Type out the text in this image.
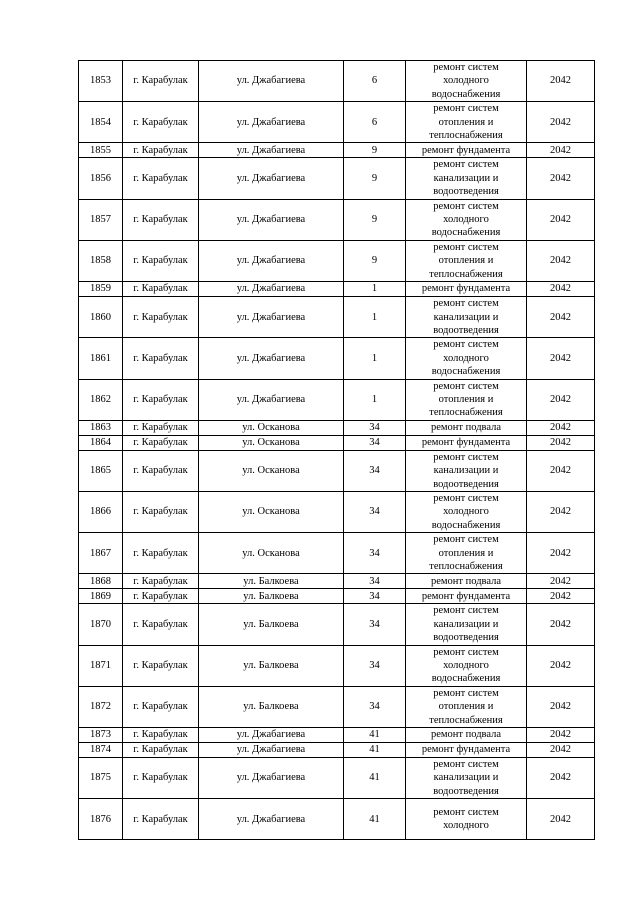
1853	г. Карабулак	ул. Джабагиева	6	ремонт систем
холодного
водоснабжения	2042
1854	г. Карабулак	ул. Джабагиева	6	ремонт систем
отопления и
теплоснабжения	2042
1855	г. Карабулак	ул. Джабагиева	9	ремонт фундамента	2042
1856	г. Карабулак	ул. Джабагиева	9	ремонт систем
канализации и
водоотведения	2042
1857	г. Карабулак	ул. Джабагиева	9	ремонт систем
холодного
водоснабжения	2042
1858	г. Карабулак	ул. Джабагиева	9	ремонт систем
отопления и
теплоснабжения	2042
1859	г. Карабулак	ул. Джабагиева	1	ремонт фундамента	2042
1860	г. Карабулак	ул. Джабагиева	1	ремонт систем
канализации и
водоотведения	2042
1861	г. Карабулак	ул. Джабагиева	1	ремонт систем
холодного
водоснабжения	2042
1862	г. Карабулак	ул. Джабагиева	1	ремонт систем
отопления и
теплоснабжения	2042
1863	г. Карабулак	ул. Осканова	34	ремонт подвала	2042
1864	г. Карабулак	ул. Осканова	34	ремонт фундамента	2042
1865	г. Карабулак	ул. Осканова	34	ремонт систем
канализации и
водоотведения	2042
1866	г. Карабулак	ул. Осканова	34	ремонт систем
холодного
водоснабжения	2042
1867	г. Карабулак	ул. Осканова	34	ремонт систем
отопления и
теплоснабжения	2042
1868	г. Карабулак	ул. Балкоева	34	ремонт подвала	2042
1869	г. Карабулак	ул. Балкоева	34	ремонт фундамента	2042
1870	г. Карабулак	ул. Балкоева	34	ремонт систем
канализации и
водоотведения	2042
1871	г. Карабулак	ул. Балкоева	34	ремонт систем
холодного
водоснабжения	2042
1872	г. Карабулак	ул. Балкоева	34	ремонт систем
отопления и
теплоснабжения	2042
1873	г. Карабулак	ул. Джабагиева	41	ремонт подвала	2042
1874	г. Карабулак	ул. Джабагиева	41	ремонт фундамента	2042
1875	г. Карабулак	ул. Джабагиева	41	ремонт систем
канализации и
водоотведения	2042
1876	г. Карабулак	ул. Джабагиева	41	ремонт систем
холодного	2042
